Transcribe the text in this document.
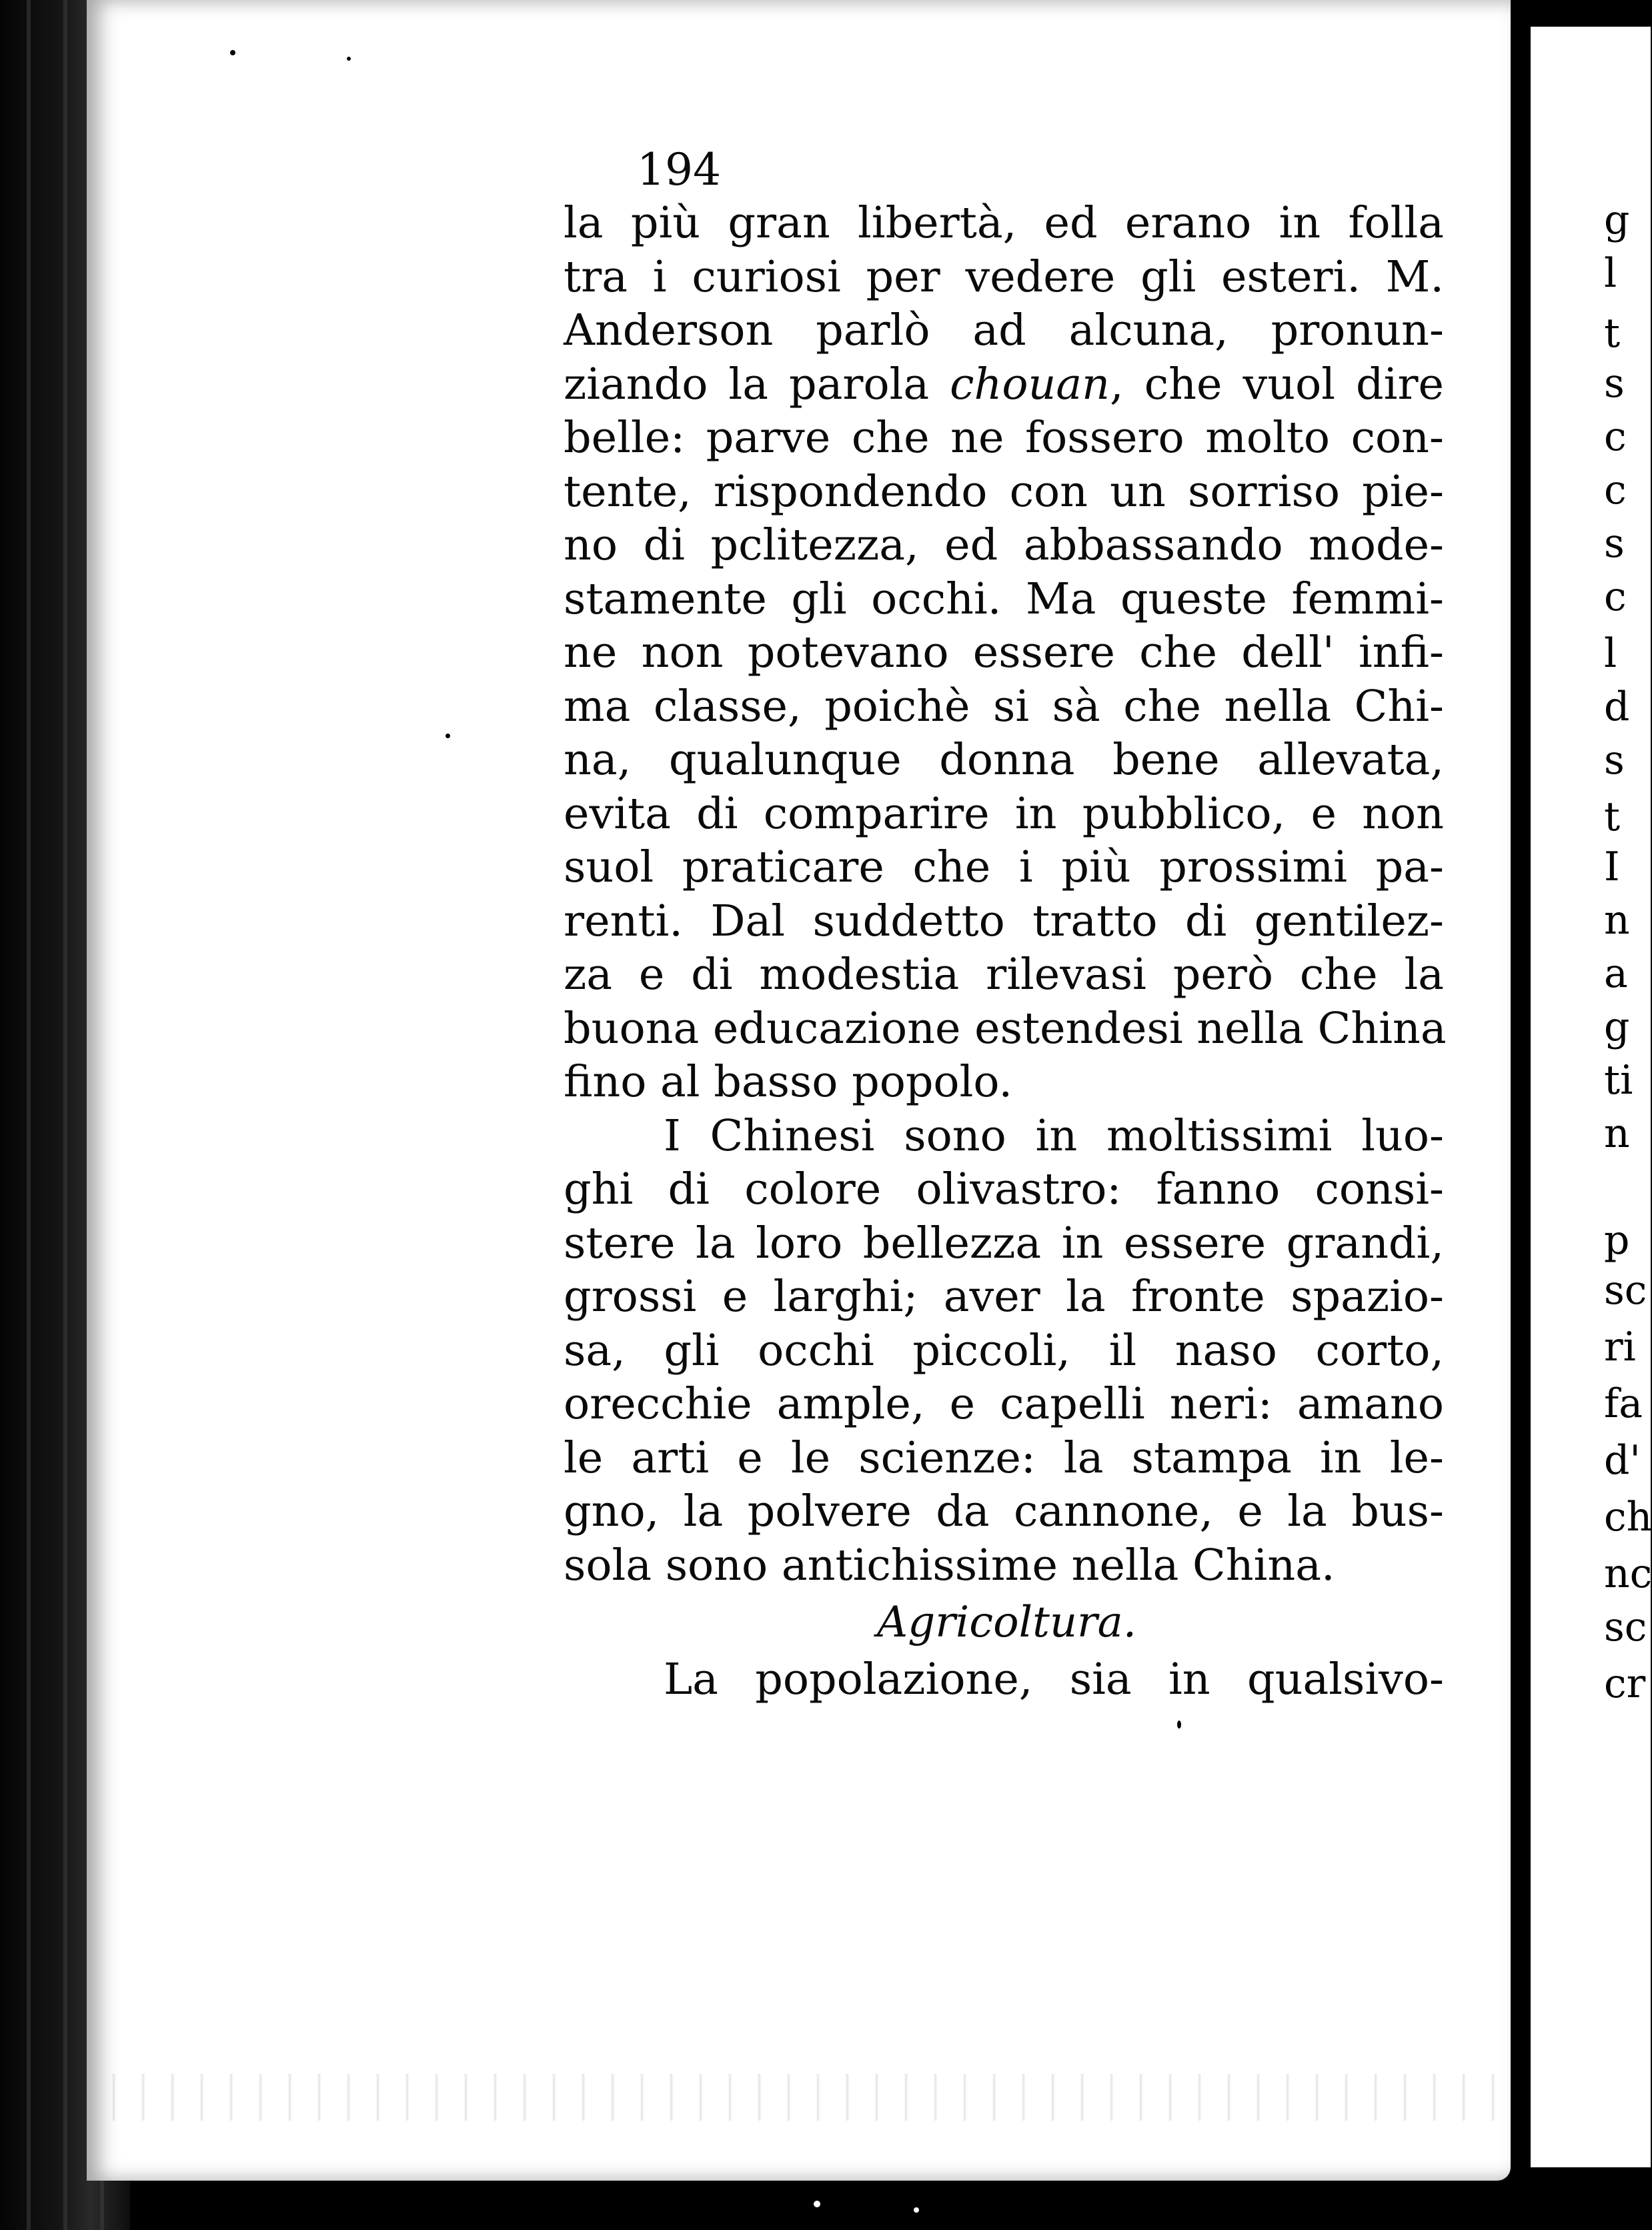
g
l
t
s
c
c
s
c
l
d
s
t
I
n
a
g
ti
n
p
sc
ri
fa
d'
ch
nc
sc
cr
194
la più gran libertà, ed erano in folla
tra i curiosi per vedere gli esteri. M.
Anderson parlò ad alcuna, pronun-
ziando la parola chouan, che vuol dire
belle: parve che ne fossero molto con-
tente, rispondendo con un sorriso pie-
no di pclitezza, ed abbassando mode-
stamente gli occhi. Ma queste femmi-
ne non potevano essere che dell' infi-
ma classe, poichè si sà che nella Chi-
na, qualunque donna bene allevata,
evita di comparire in pubblico, e non
suol praticare che i più prossimi pa-
renti. Dal suddetto tratto di gentilez-
za e di modestia rilevasi però che la
buona educazione estendesi nella China
fino al basso popolo.
I Chinesi sono in moltissimi luo-
ghi di colore olivastro: fanno consi-
stere la loro bellezza in essere grandi,
grossi e larghi; aver la fronte spazio-
sa, gli occhi piccoli, il naso corto,
orecchie ample, e capelli neri: amano
le arti e le scienze: la stampa in le-
gno, la polvere da cannone, e la bus-
sola sono antichissime nella China.
Agricoltura.
La popolazione, sia in qualsivo-
